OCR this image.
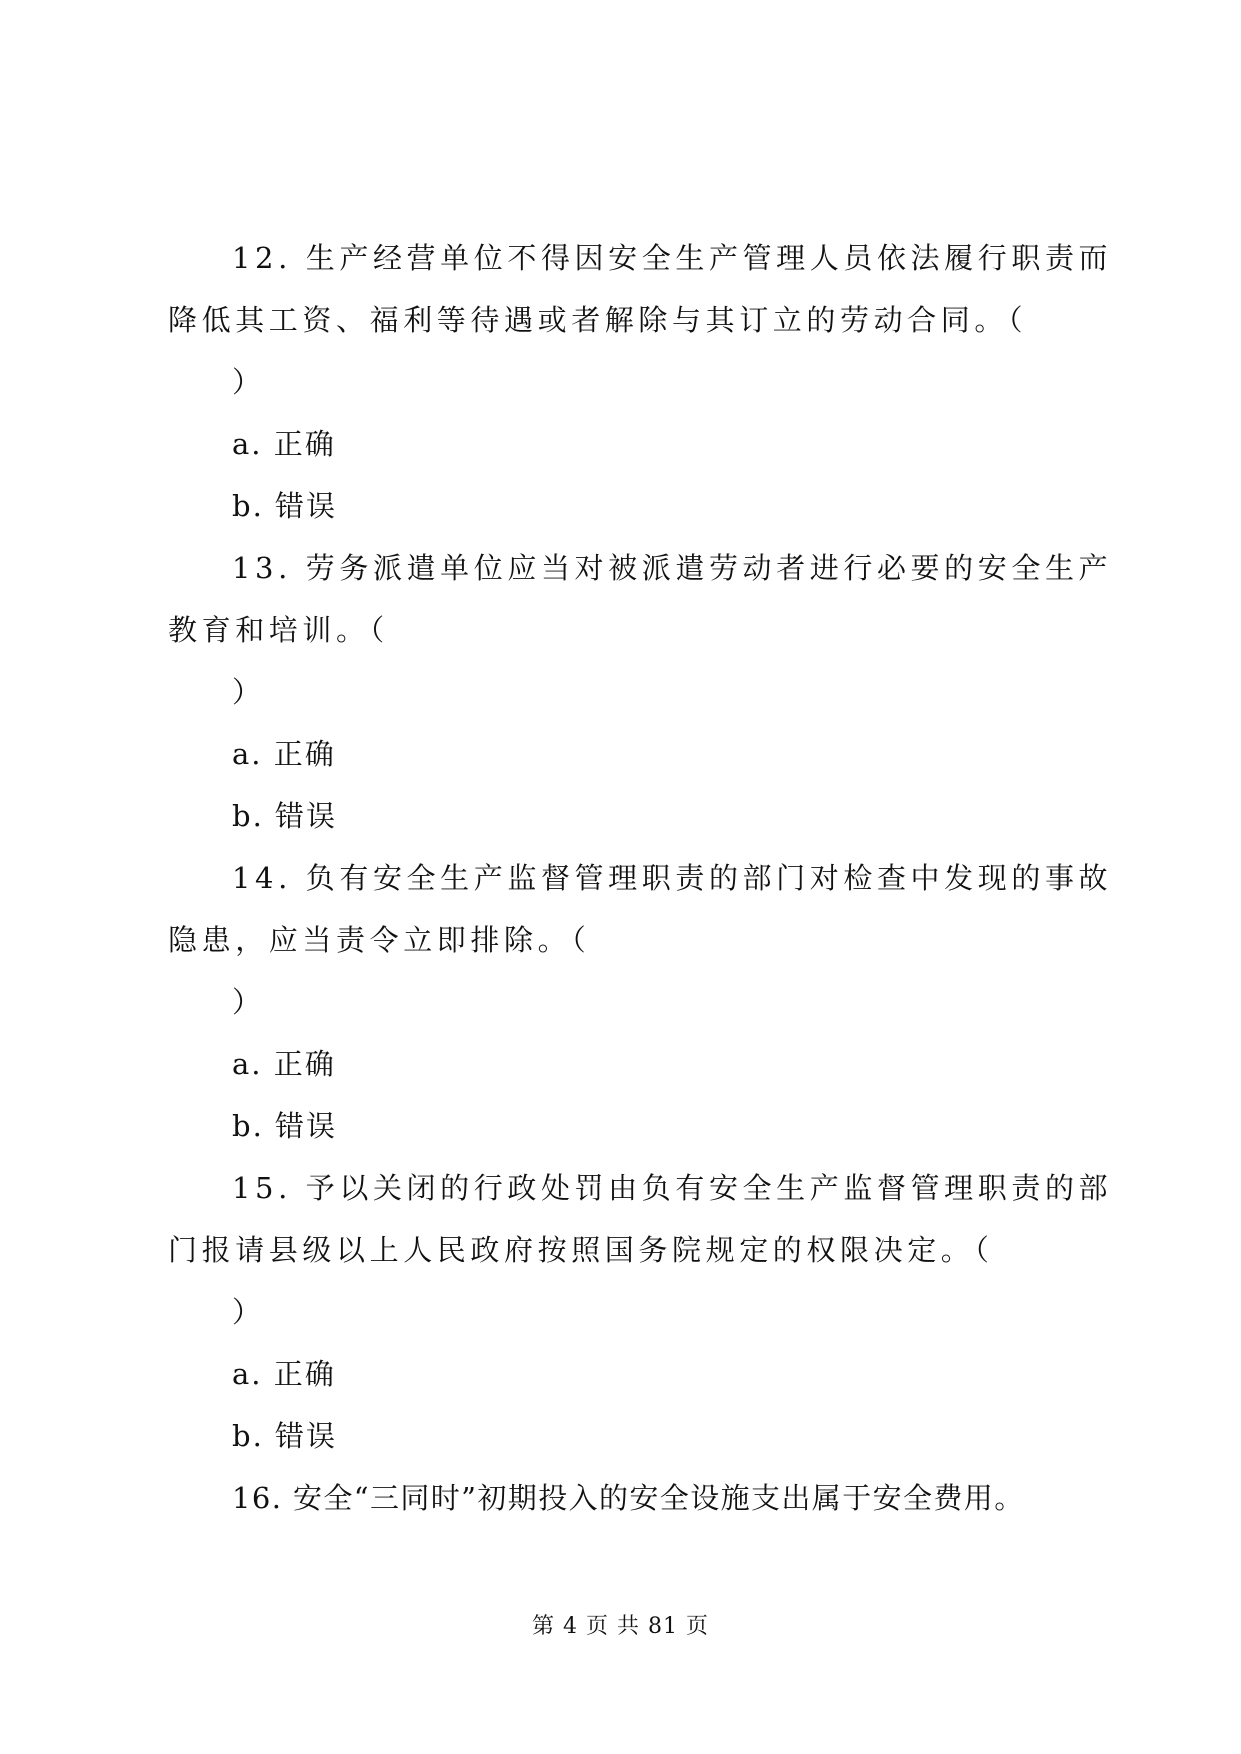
12. 生产经营单位不得因安全生产管理人员依法履行职责而
降低其工资、福利等待遇或者解除与其订立的劳动合同。（
）
a. 正确
b. 错误
13. 劳务派遣单位应当对被派遣劳动者进行必要的安全生产
教育和培训。（
）
a. 正确
b. 错误
14. 负有安全生产监督管理职责的部门对检查中发现的事故
隐患，应当责令立即排除。（
）
a. 正确
b. 错误
15. 予以关闭的行政处罚由负有安全生产监督管理职责的部
门报请县级以上人民政府按照国务院规定的权限决定。（
）
a. 正确
b. 错误
16. 安全“三同时”初期投入的安全设施支出属于安全费用。
第 4 页 共 81 页
